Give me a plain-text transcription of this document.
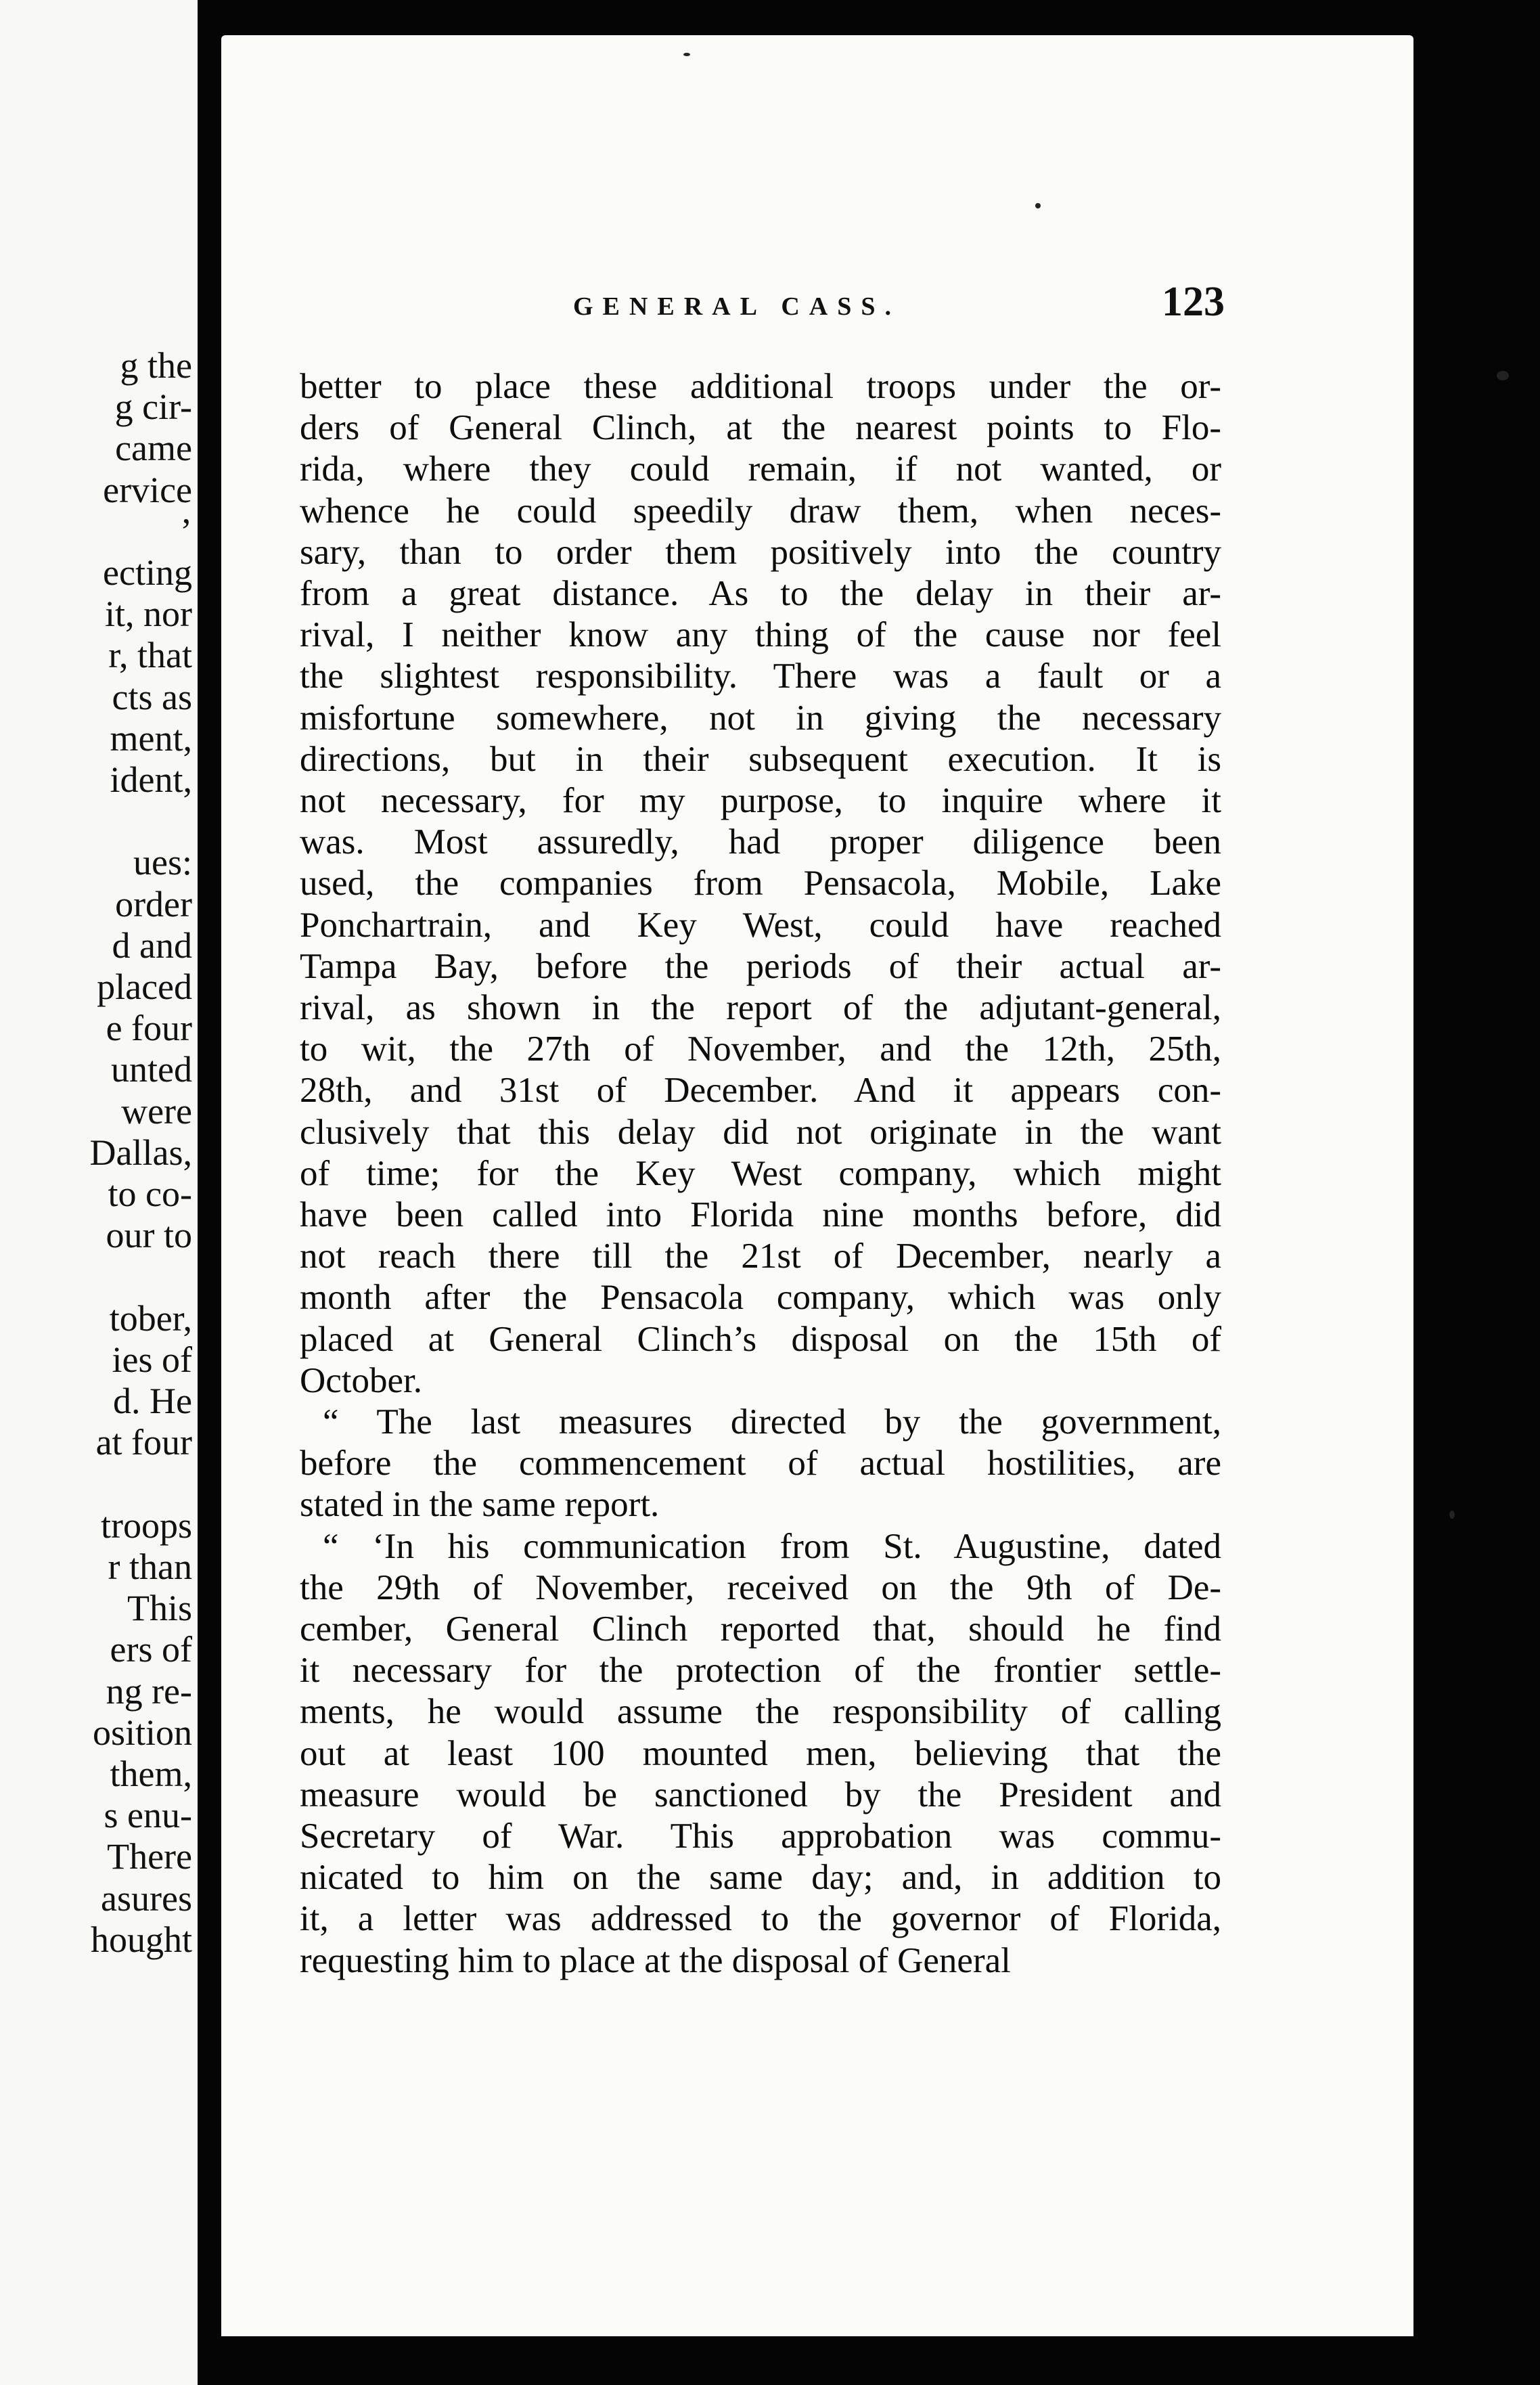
g the
g cir-
came
ervice
’
ecting
it, nor
r, that
cts as
ment,
ident,

ues:
order
d and
placed
e four
unted
were
Dallas,
to co-
our to

tober,
ies of
d. He
at four

troops
r than
This
ers of
ng re-
osition
them,
s enu-
There
asures
hought
GENERAL CASS.	123
better to place these additional troops under the or-
ders of General Clinch, at the nearest points to Flo-
rida, where they could remain, if not wanted, or
whence he could speedily draw them, when neces-
sary, than to order them positively into the country
from a great distance. As to the delay in their ar-
rival, I neither know any thing of the cause nor feel
the slightest responsibility. There was a fault or a
misfortune somewhere, not in giving the necessary
directions, but in their subsequent execution. It is
not necessary, for my purpose, to inquire where it
was. Most assuredly, had proper diligence been
used, the companies from Pensacola, Mobile, Lake
Ponchartrain, and Key West, could have reached
Tampa Bay, before the periods of their actual ar-
rival, as shown in the report of the adjutant-general,
to wit, the 27th of November, and the 12th, 25th,
28th, and 31st of December. And it appears con-
clusively that this delay did not originate in the want
of time; for the Key West company, which might
have been called into Florida nine months before, did
not reach there till the 21st of December, nearly a
month after the Pensacola company, which was only
placed at General Clinch’s disposal on the 15th of
October.
“ The last measures directed by the government,
before the commencement of actual hostilities, are
stated in the same report.
“ ‘In his communication from St. Augustine, dated
the 29th of November, received on the 9th of De-
cember, General Clinch reported that, should he find
it necessary for the protection of the frontier settle-
ments, he would assume the responsibility of calling
out at least 100 mounted men, believing that the
measure would be sanctioned by the President and
Secretary of War. This approbation was commu-
nicated to him on the same day; and, in addition to
it, a letter was addressed to the governor of Florida,
requesting him to place at the disposal of General
